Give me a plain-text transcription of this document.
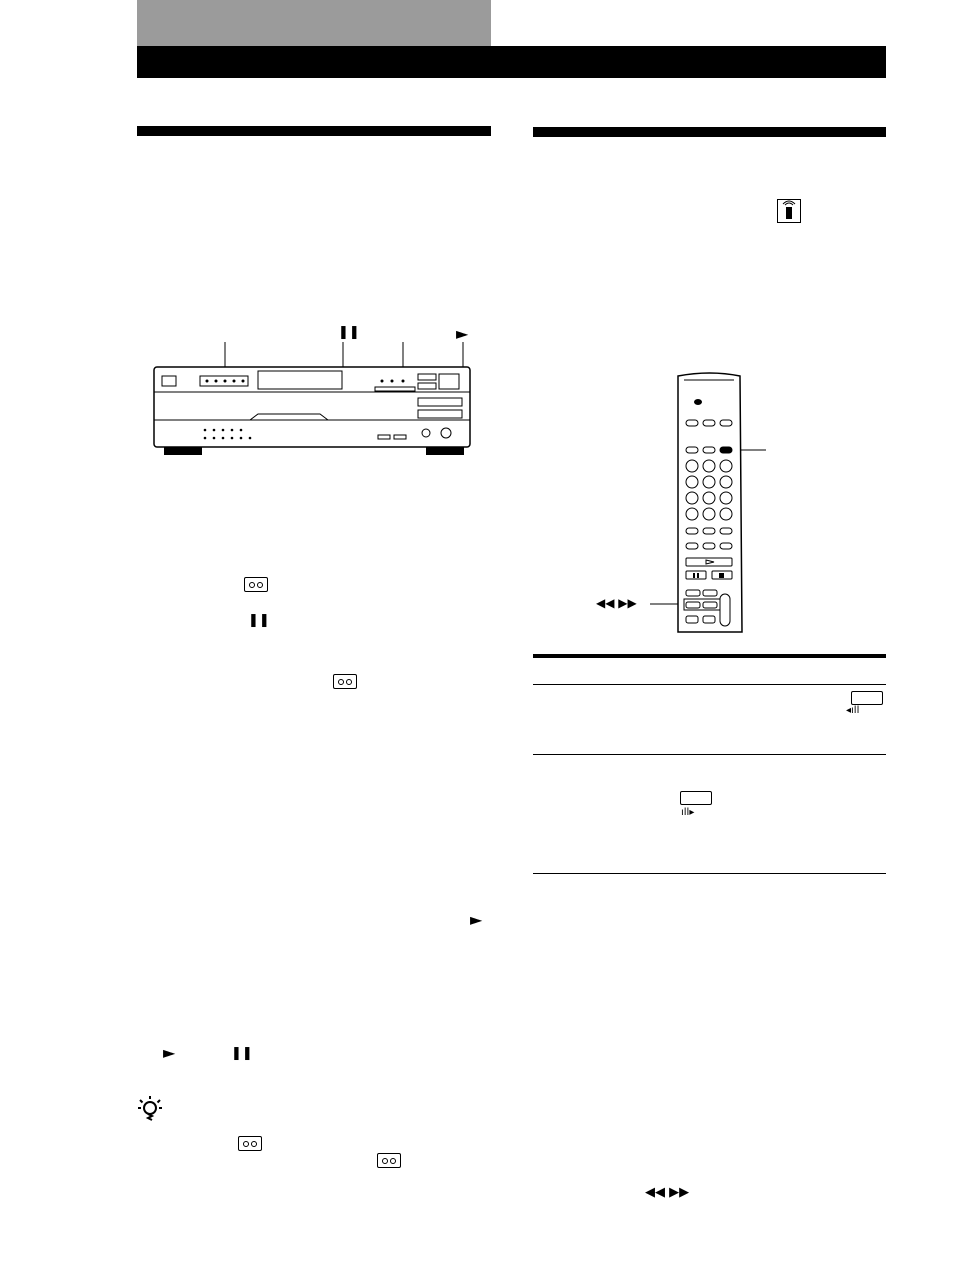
❚❚	►
❚❚
►
►	❚❚
◀◀ ▶▶
◂ıll
ıll▸
◀◀ ▶▶
